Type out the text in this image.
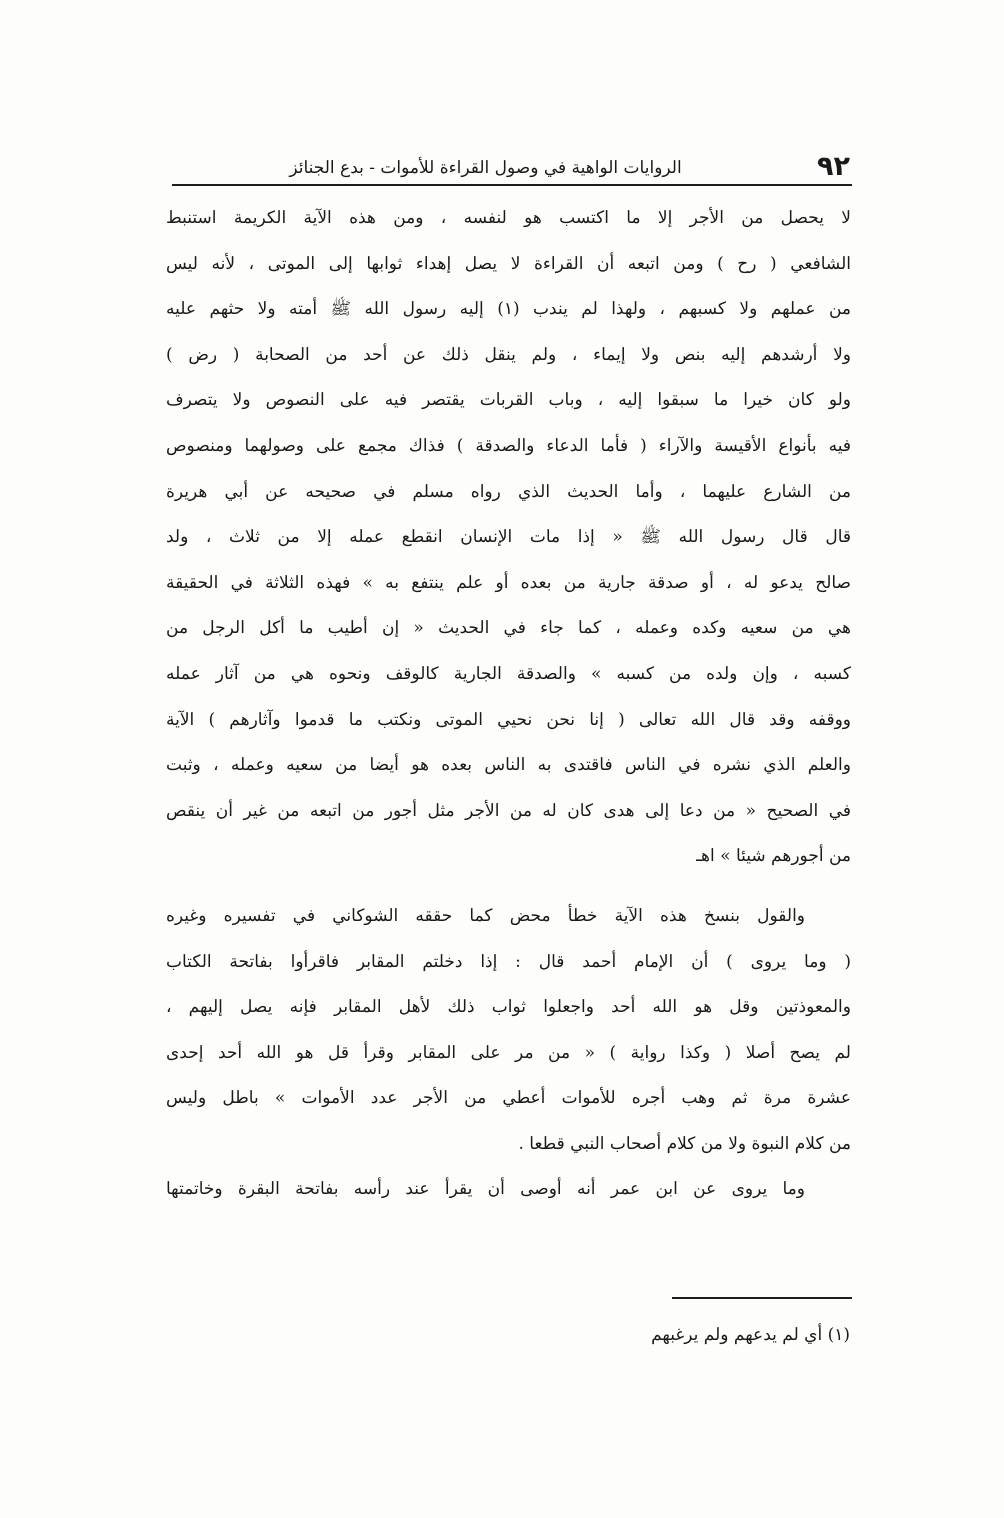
٩٢
الروايات الواهية في وصول القراءة للأموات - بدع الجنائز
لا يحصل من الأجر إلا ما اكتسب هو لنفسه ، ومن هذه الآية الكريمة استنبط
الشافعي ( رح ) ومن اتبعه أن القراءة لا يصل إهداء ثوابها إلى الموتى ، لأنه ليس
من عملهم ولا كسبهم ، ولهذا لم يندب (١) إليه رسول الله ﷺ أمته ولا حثهم عليه
ولا أرشدهم إليه بنص ولا إيماء ، ولم ينقل ذلك عن أحد من الصحابة ( رض )
ولو كان خيرا ما سبقوا إليه ، وباب القربات يقتصر فيه على النصوص ولا يتصرف
فيه بأنواع الأقيسة والآراء ( فأما الدعاء والصدقة ) فذاك مجمع على وصولهما ومنصوص
من الشارع عليهما ، وأما الحديث الذي رواه مسلم في صحيحه عن أبي هريرة
قال قال رسول الله ﷺ « إذا مات الإنسان انقطع عمله إلا من ثلاث ، ولد
صالح يدعو له ، أو صدقة جارية من بعده أو علم ينتفع به » فهذه الثلاثة في الحقيقة
هي من سعيه وكده وعمله ، كما جاء في الحديث « إن أطيب ما أكل الرجل من
كسبه ، وإن ولده من كسبه » والصدقة الجارية كالوقف ونحوه هي من آثار عمله
ووقفه وقد قال الله تعالى ( إنا نحن نحيي الموتى ونكتب ما قدموا وآثارهم ) الآية
والعلم الذي نشره في الناس فاقتدى به الناس بعده هو أيضا من سعيه وعمله ، وثبت
في الصحيح « من دعا إلى هدى كان له من الأجر مثل أجور من اتبعه من غير أن ينقص
من أجورهم شيئا » اهـ
والقول بنسخ هذه الآية خطأ محض كما حققه الشوكاني في تفسيره وغيره
( وما يروى ) أن الإمام أحمد قال : إذا دخلتم المقابر فاقرأوا بفاتحة الكتاب
والمعوذتين وقل هو الله أحد واجعلوا ثواب ذلك لأهل المقابر فإنه يصل إليهم ،
لم يصح أصلا ( وكذا رواية ) « من مر على المقابر وقرأ قل هو الله أحد إحدى
عشرة مرة ثم وهب أجره للأموات أعطي من الأجر عدد الأموات » باطل وليس
من كلام النبوة ولا من كلام أصحاب النبي قطعا .
وما يروى عن ابن عمر أنه أوصى أن يقرأ عند رأسه بفاتحة البقرة وخاتمتها
(١) أي لم يدعهم ولم يرغبهم
